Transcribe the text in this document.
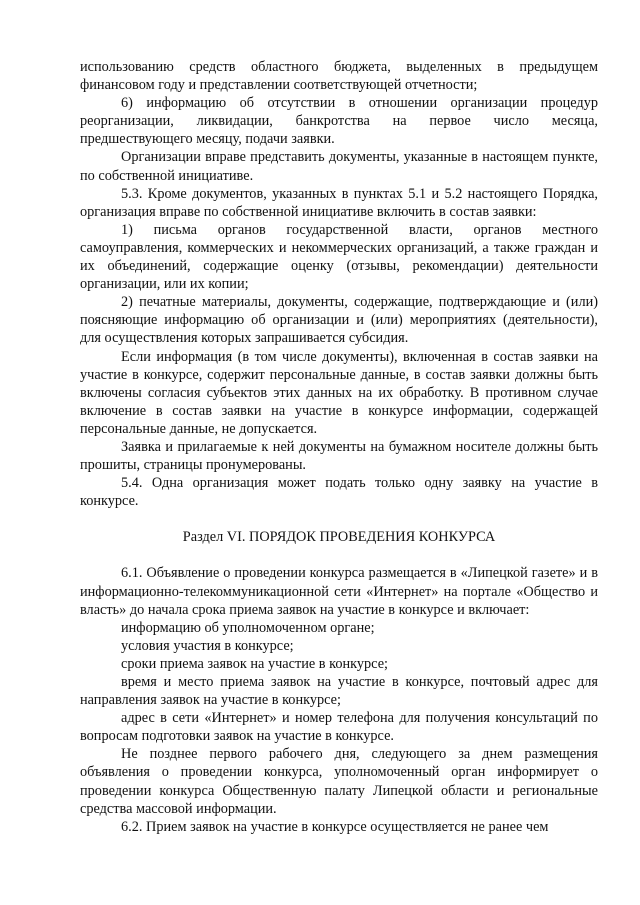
использованию средств областного бюджета, выделенных в предыдущем финансовом году и представлении соответствующей отчетности;

6) информацию об отсутствии в отношении организации процедур реорганизации, ликвидации, банкротства на первое число месяца, предшествующего месяцу, подачи заявки.

Организации вправе представить документы, указанные в настоящем пункте, по собственной инициативе.

5.3. Кроме документов, указанных в пунктах 5.1 и 5.2 настоящего Порядка, организация вправе по собственной инициативе включить в состав заявки:

1) письма органов государственной власти, органов местного самоуправления, коммерческих и некоммерческих организаций, а также граждан и их объединений, содержащие оценку (отзывы, рекомендации) деятельности организации, или их копии;

2) печатные материалы, документы, содержащие, подтверждающие и (или) поясняющие информацию об организации и (или) мероприятиях (деятельности), для осуществления которых запрашивается субсидия.

Если информация (в том числе документы), включенная в состав заявки на участие в конкурсе, содержит персональные данные, в состав заявки должны быть включены согласия субъектов этих данных на их обработку. В противном случае включение в состав заявки на участие в конкурсе информации, содержащей персональные данные, не допускается.

Заявка и прилагаемые к ней документы на бумажном носителе должны быть прошиты, страницы пронумерованы.

5.4. Одна организация может подать только одну заявку на участие в конкурсе.

Раздел VI. ПОРЯДОК ПРОВЕДЕНИЯ КОНКУРСА

6.1. Объявление о проведении конкурса размещается в «Липецкой газете» и в информационно-телекоммуникационной сети «Интернет» на портале «Общество и власть» до начала срока приема заявок на участие в конкурсе и включает:

информацию об уполномоченном органе;

условия участия в конкурсе;

сроки приема заявок на участие в конкурсе;

время и место приема заявок на участие в конкурсе, почтовый адрес для направления заявок на участие в конкурсе;

адрес в сети «Интернет» и номер телефона для получения консультаций по вопросам подготовки заявок на участие в конкурсе.

Не позднее первого рабочего дня, следующего за днем размещения объявления о проведении конкурса, уполномоченный орган информирует о проведении конкурса Общественную палату Липецкой области и региональные средства массовой информации.

6.2. Прием заявок на участие в конкурсе осуществляется не ранее чем
